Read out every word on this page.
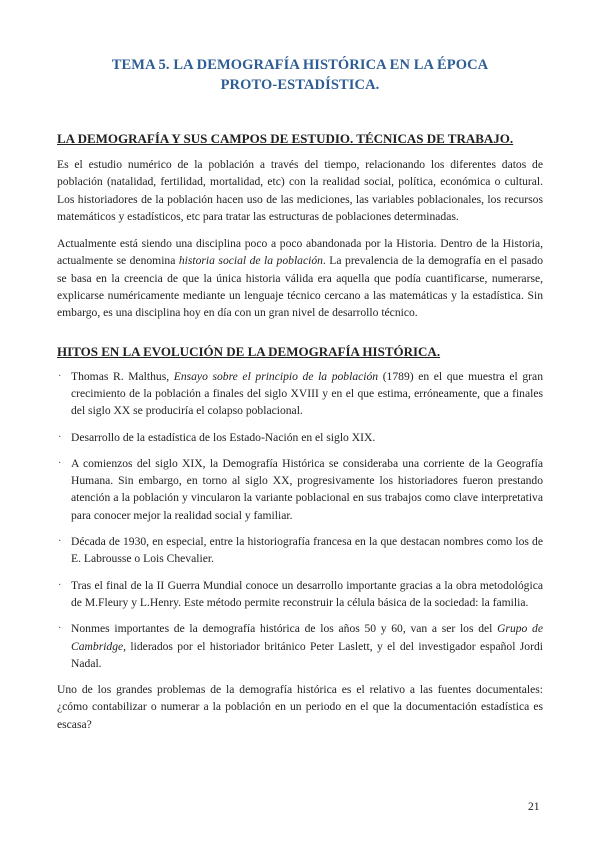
TEMA 5. LA DEMOGRAFÍA HISTÓRICA EN LA ÉPOCA
PROTO-ESTADÍSTICA.
LA DEMOGRAFÍA Y SUS CAMPOS DE ESTUDIO. TÉCNICAS DE TRABAJO.

Es el estudio numérico de la población a través del tiempo, relacionando los diferentes datos de población (natalidad, fertilidad, mortalidad, etc) con la realidad social, política, económica o cultural. Los historiadores de la población hacen uso de las mediciones, las variables poblacionales, los recursos matemáticos y estadísticos, etc para tratar las estructuras de poblaciones determinadas.

Actualmente está siendo una disciplina poco a poco abandonada por la Historia. Dentro de la Historia, actualmente se denomina historia social de la población. La prevalencia de la demografía en el pasado se basa en la creencia de que la única historia válida era aquella que podía cuantificarse, numerarse, explicarse numéricamente mediante un lenguaje técnico cercano a las matemáticas y la estadística. Sin embargo, es una disciplina hoy en día con un gran nivel de desarrollo técnico.

HITOS EN LA EVOLUCIÓN DE LA DEMOGRAFÍA HISTÓRICA.
· Thomas R. Malthus, Ensayo sobre el principio de la población (1789) en el que muestra el gran crecimiento de la población a finales del siglo XVIII y en el que estima, erróneamente, que a finales del siglo XX se produciría el colapso poblacional.
· Desarrollo de la estadística de los Estado-Nación en el siglo XIX.
· A comienzos del siglo XIX, la Demografía Histórica se consideraba una corriente de la Geografía Humana. Sin embargo, en torno al siglo XX, progresivamente los historiadores fueron prestando atención a la población y vincularon la variante poblacional en sus trabajos como clave interpretativa para conocer mejor la realidad social y familiar.
· Década de 1930, en especial, entre la historiografía francesa en la que destacan nombres como los de E. Labrousse o Lois Chevalier.
· Tras el final de la II Guerra Mundial conoce un desarrollo importante gracias a la obra metodológica de M.Fleury y L.Henry. Este método permite reconstruir la célula básica de la sociedad: la familia.
· Nonmes importantes de la demografía histórica de los años 50 y 60, van a ser los del Grupo de Cambridge, liderados por el historiador británico Peter Laslett, y el del investigador español Jordi Nadal.

Uno de los grandes problemas de la demografía histórica es el relativo a las fuentes documentales: ¿cómo contabilizar o numerar a la población en un periodo en el que la documentación estadística es escasa?

21
